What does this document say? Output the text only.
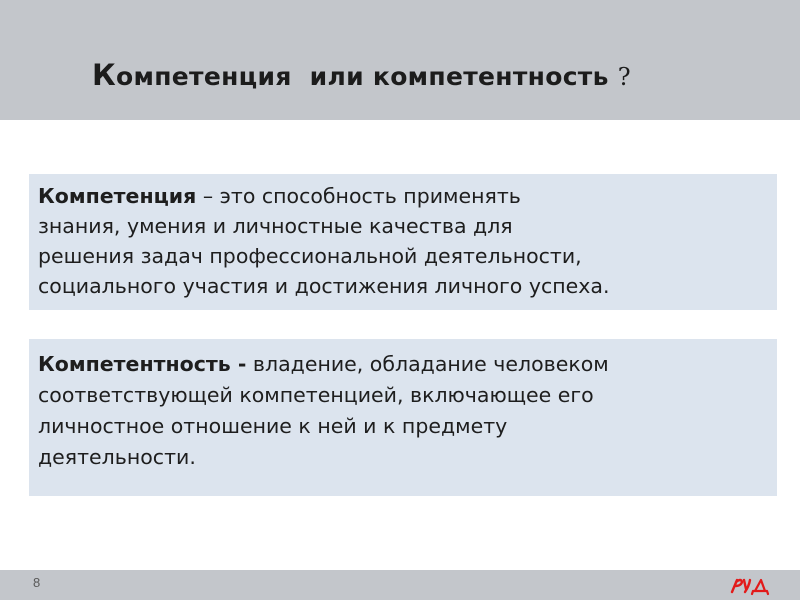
Компетенция  или компетентность ?
Компетенция – это способность применять
знания, умения и личностные качества для
решения задач профессиональной деятельности,
социального участия и достижения личного успеха.
Компетентность - владение, обладание человеком
соответствующей компетенцией, включающее его
личностное отношение к ней и к предмету
деятельности.
8
